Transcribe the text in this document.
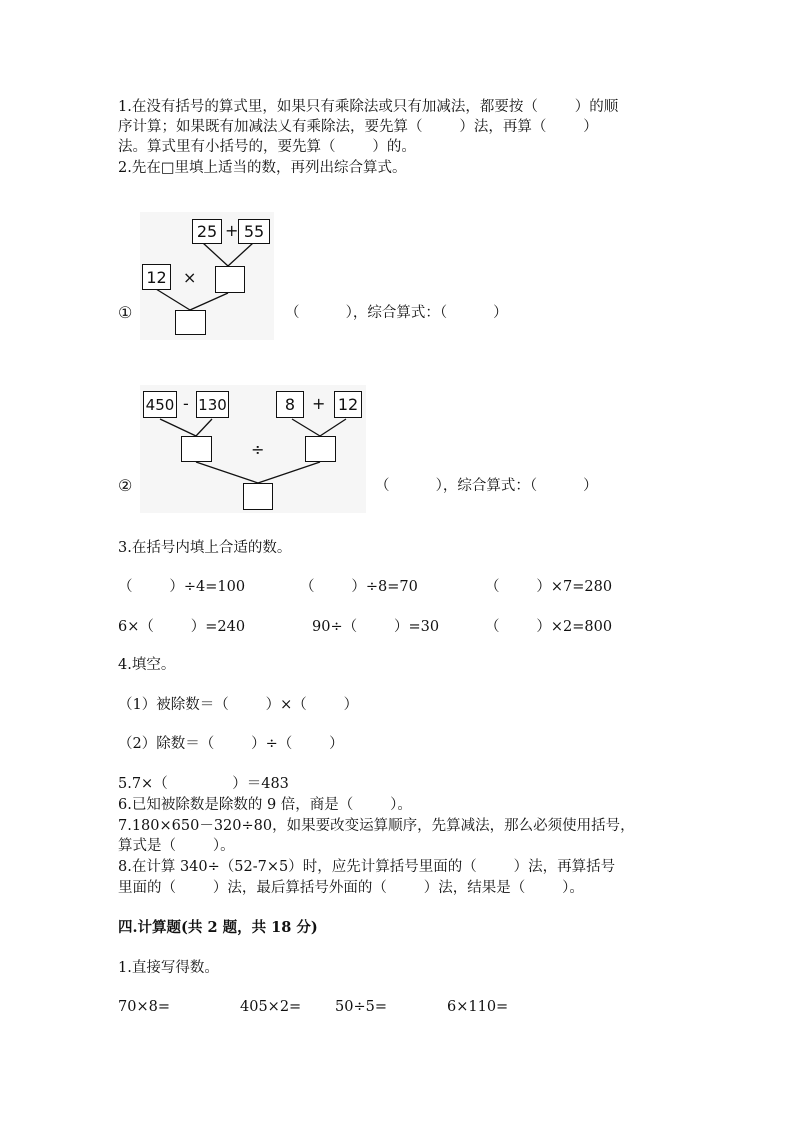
1.在没有括号的算式里，如果只有乘除法或只有加减法，都要按（        ）的顺
序计算；如果既有加减法乂有乘除法，要先算（        ）法，再算（        ）
法。算式里有小括号的，要先算（        ）的。
2.先在□里填上适当的数，再列出综合算式。
25 + 55
12 ×
①	（          ），综合算式：（          ）
450 - 130	8	+ 12
÷
②	（          ），综合算式：（          ）
3.在括号内填上合适的数。
（        ）÷4=100	（        ）÷8=70	（        ）×7=280
6×（        ）=240	90÷（        ）=30	（        ）×2=800
4.填空。
（1）被除数＝（        ）×（        ）
（2）除数＝（        ）÷（        ）
5.7×（              ）＝483
6.已知被除数是除数的 9 倍，商是（        ）。
7.180×650－320÷80，如果要改变运算顺序，先算减法，那么必须使用括号，
算式是（        ）。
8.在计算 340÷（52-7×5）时，应先计算括号里面的（        ）法，再算括号
里面的（        ）法，最后算括号外面的（        ）法，结果是（        ）。
四.计算题(共 2 题，共 18 分)
1.直接写得数。
70×8=	405×2= 50÷5=	6×110=
